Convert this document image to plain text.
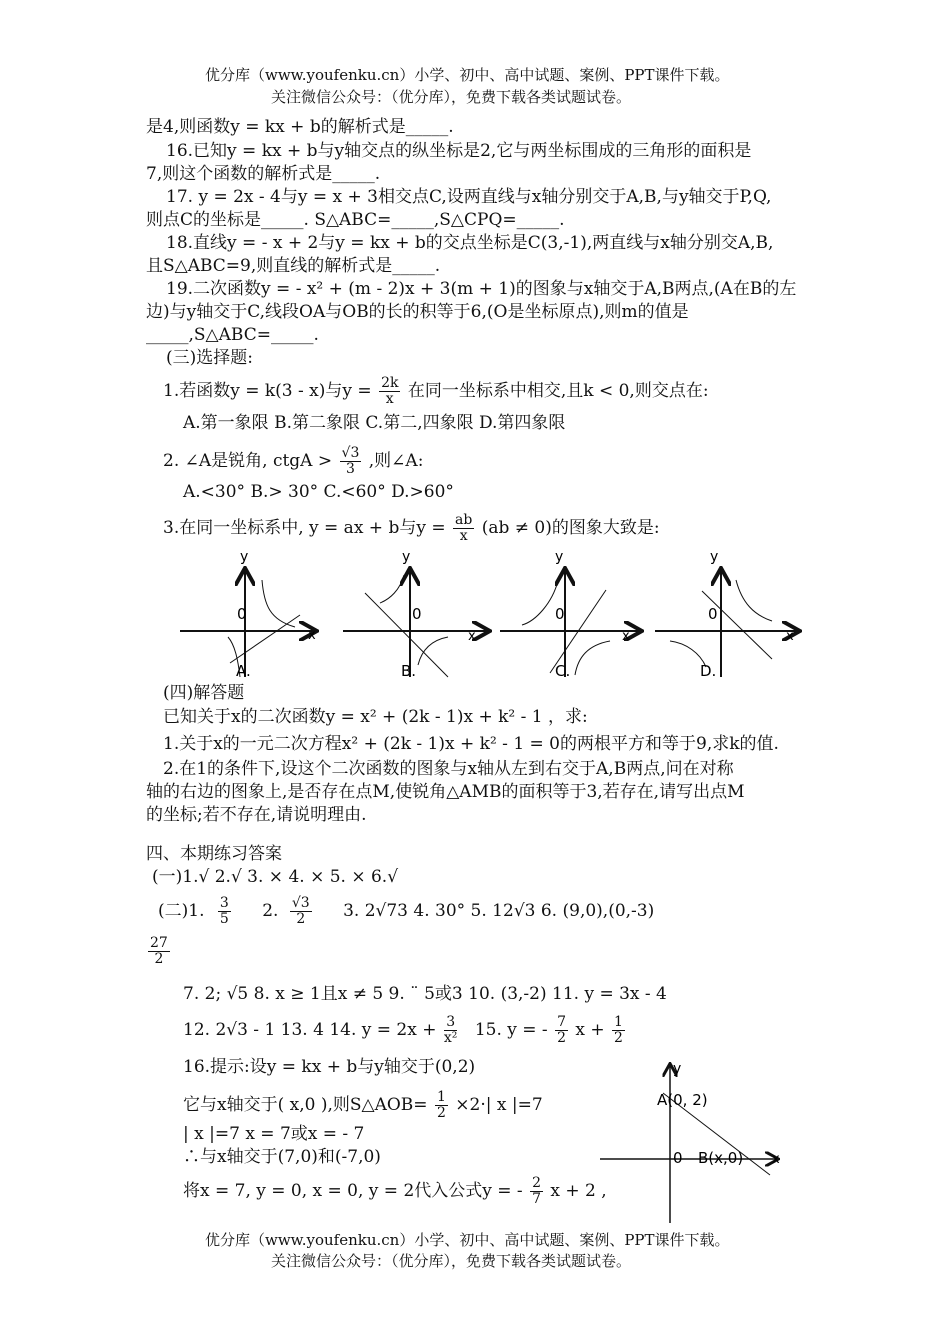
优分库（www.youfenku.cn）小学、初中、高中试题、案例、PPT课件下载。
关注微信公众号：（优分库），免费下载各类试题试卷。
是4,则函数y = kx + b的解析式是_____.
16.已知y = kx + b与y轴交点的纵坐标是2,它与两坐标围成的三角形的面积是
7,则这个函数的解析式是_____.
17. y = 2x - 4与y = x + 3相交点C,设两直线与x轴分别交于A,B,与y轴交于P,Q,
则点C的坐标是_____. S△ABC=_____,S△CPQ=_____.
18.直线y = - x + 2与y = kx + b的交点坐标是C(3,-1),两直线与x轴分别交A,B,
且S△ABC=9,则直线的解析式是_____.
19.二次函数y = - x² + (m - 2)x + 3(m + 1)的图象与x轴交于A,B两点,(A在B的左
边)与y轴交于C,线段OA与OB的长的积等于6,(O是坐标原点),则m的值是
_____,S△ABC=_____.
(三)选择题:
1.若函数y = k(3 - x)与$y = \frac{2k}{x}$ 在同一坐标系中相交,且k < 0,则交点在:
A.第一象限 B.第二象限 C.第二,四象限 D.第四象限
2. ∠A是锐角, ctgA > $\frac{√3}{3}$ ,则∠A:
A.<30° B.> 30° C.<60° D.>60°
3.在同一坐标系中, y = ax + b与$y = \frac{ab}{x} (ab \ne 0)$的图象大致是:
y
0
x
A.
y
0
x
B.
y
0
x
C.
y
0
x
D.
(四)解答题
已知关于x的二次函数y = x² + (2k - 1)x + k² - 1 ，求:
1.关于x的一元二次方程x² + (2k - 1)x + k² - 1 = 0的两根平方和等于9,求k的值.
2.在1的条件下,设这个二次函数的图象与x轴从左到右交于A,B两点,问在对称
轴的右边的图象上,是否存在点M,使锐角△AMB的面积等于3,若存在,请写出点M
的坐标;若不存在,请说明理由.
四、本期练习答案
(一)1.√ 2.√ 3. × 4. × 5. × 6.√
(二)1. $\frac{3}{5} 2$. $\frac{√3}{2} 3$. 2√73 4. 30° 5. 12√3 6. (9,0),(0,-3)
$\frac{27}{2}$
7. 2; √5 8. x ≥ 1且x ≠ 5 9. ¨ 5或3 10. (3,-2) 11. y = 3x - 4
12. 2√3 - 1 13. 4 14. $y = 2x + \frac{3}{\text{x²}} 15$. y = - $\frac{7}{2}$ $x + \frac{1}{2}$
16.提示:设y = kx + b与y轴交于(0,2)
它与x轴交于( x,0 ),则S△AOB= $\frac{1}{2} \times 2\cdot|$ x |=7
| x |=7 x = 7或x = - 7
∴与x轴交于(7,0)和(-7,0)
将x = 7, y = 0, x = 0, y = 2代入公式y = - $\frac{2}{7}$ x + 2 ,
y
A(0, 2)
0 B(x,0) x
优分库（www.youfenku.cn）小学、初中、高中试题、案例、PPT课件下载。
关注微信公众号：（优分库），免费下载各类试题试卷。
